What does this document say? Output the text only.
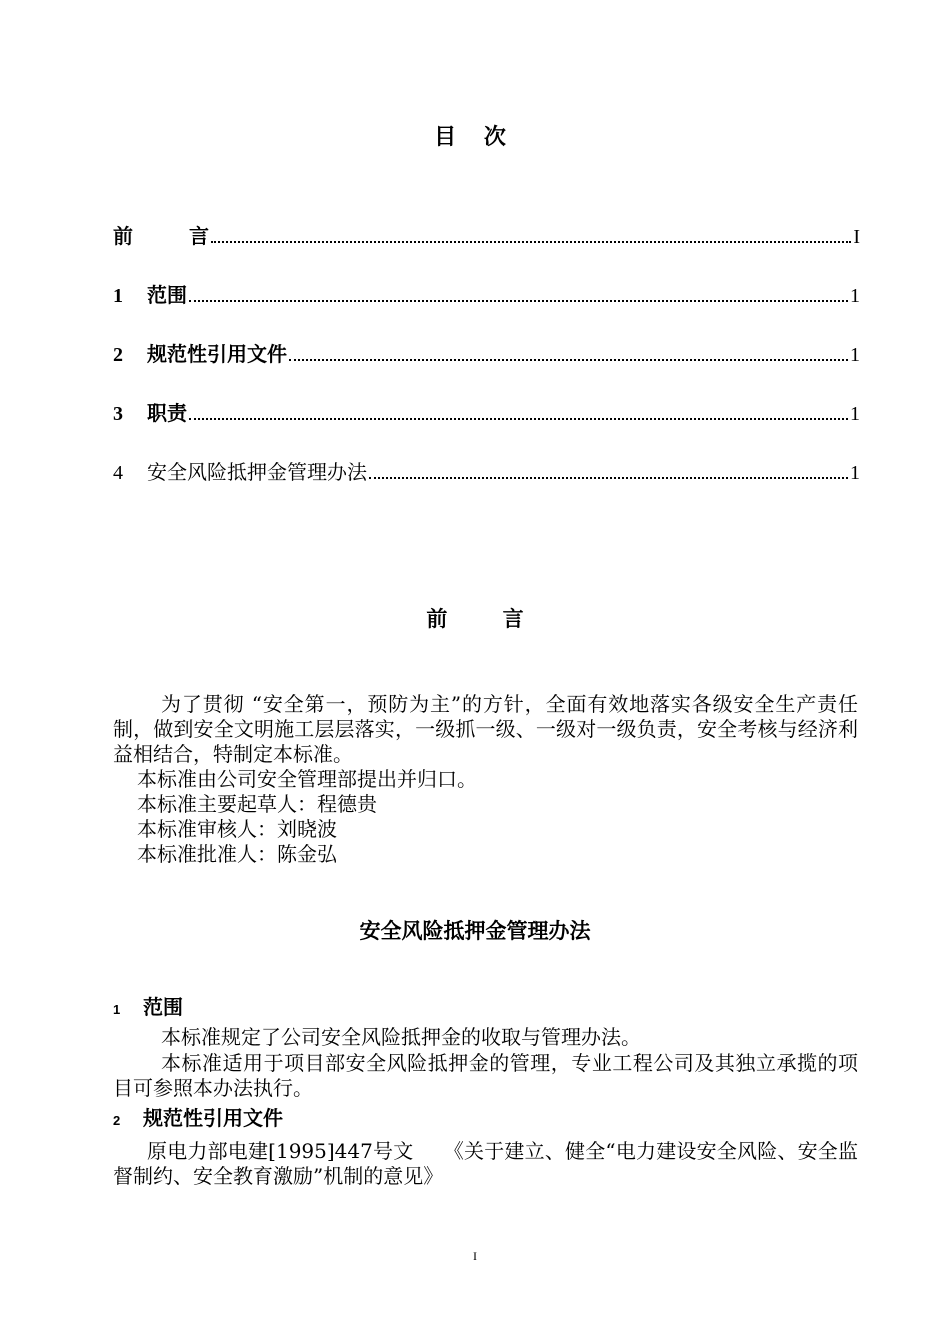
目 次
前　言	I
1	范围	1
2	规范性引用文件	1
3	职责	1
4	安全风险抵押金管理办法	1
前 言
为了贯彻 “安全第一，预防为主”的方针，全面有效地落实各级安全生产责任制，做到安全文明施工层层落实，一级抓一级、一级对一级负责，安全考核与经济利益相结合，特制定本标准。
本标准由公司安全管理部提出并归口。
本标准主要起草人：程德贵
本标准审核人：刘晓波
本标准批准人：陈金弘
安全风险抵押金管理办法
1	范围
本标准规定了公司安全风险抵押金的收取与管理办法。
本标准适用于项目部安全风险抵押金的管理，专业工程公司及其独立承揽的项目可参照本办法执行。
2	规范性引用文件
原电力部电建[1995]447号文　　《关于建立、健全“电力建设安全风险、安全监督制约、安全教育激励”机制的意见》
I
